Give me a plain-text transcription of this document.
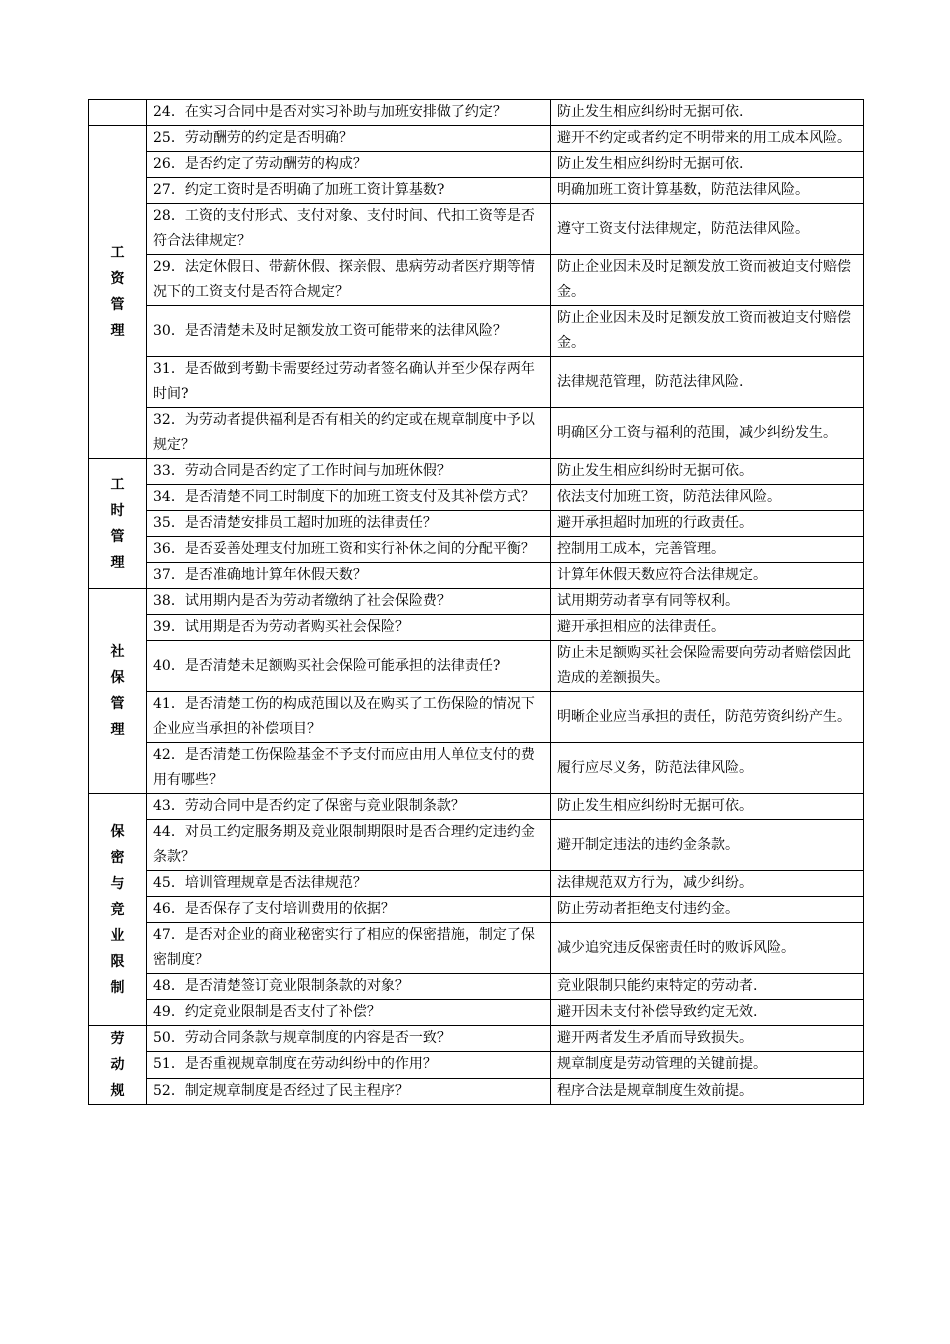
	24．在实习合同中是否对实习补助与加班安排做了约定？	防止发生相应纠纷时无据可依.
工资管理	25．劳动酬劳的约定是否明确？	避开不约定或者约定不明带来的用工成本风险。
	26．是否约定了劳动酬劳的构成？	防止发生相应纠纷时无据可依.
	27．约定工资时是否明确了加班工资计算基数?	明确加班工资计算基数，防范法律风险。
	28．工资的支付形式、支付对象、支付时间、代扣工资等是否符合法律规定？	遵守工资支付法律规定，防范法律风险。
	29．法定休假日、带薪休假、探亲假、患病劳动者医疗期等情况下的工资支付是否符合规定？	防止企业因未及时足额发放工资而被迫支付赔偿金。
	30．是否清楚未及时足额发放工资可能带来的法律风险？	防止企业因未及时足额发放工资而被迫支付赔偿金。
	31．是否做到考勤卡需要经过劳动者签名确认并至少保存两年时间?	法律规范管理，防范法律风险.
	32．为劳动者提供福利是否有相关的约定或在规章制度中予以规定？	明确区分工资与福利的范围，减少纠纷发生。
工时管理	33．劳动合同是否约定了工作时间与加班休假？	防止发生相应纠纷时无据可依。
	34．是否清楚不同工时制度下的加班工资支付及其补偿方式？	依法支付加班工资，防范法律风险。
	35．是否清楚安排员工超时加班的法律责任？	避开承担超时加班的行政责任。
	36．是否妥善处理支付加班工资和实行补休之间的分配平衡？	控制用工成本，完善管理。
	37．是否准确地计算年休假天数？	计算年休假天数应符合法律规定。
社保管理	38．试用期内是否为劳动者缴纳了社会保险费？	试用期劳动者享有同等权利。
	39．试用期是否为劳动者购买社会保险？	避开承担相应的法律责任。
	40．是否清楚未足额购买社会保险可能承担的法律责任?	防止未足额购买社会保险需要向劳动者赔偿因此造成的差额损失。
	41．是否清楚工伤的构成范围以及在购买了工伤保险的情况下企业应当承担的补偿项目？	明晰企业应当承担的责任，防范劳资纠纷产生。
	42．是否清楚工伤保险基金不予支付而应由用人单位支付的费用有哪些？	履行应尽义务，防范法律风险。
保密与竞业限制	43．劳动合同中是否约定了保密与竞业限制条款？	防止发生相应纠纷时无据可依。
	44．对员工约定服务期及竞业限制期限时是否合理约定违约金条款？	避开制定违法的违约金条款。
	45．培训管理规章是否法律规范？	法律规范双方行为，减少纠纷。
	46．是否保存了支付培训费用的依据？	防止劳动者拒绝支付违约金。
	47．是否对企业的商业秘密实行了相应的保密措施，制定了保密制度？	减少追究违反保密责任时的败诉风险。
	48．是否清楚签订竞业限制条款的对象？	竞业限制只能约束特定的劳动者.
	49．约定竞业限制是否支付了补偿？	避开因未支付补偿导致约定无效.
劳动规	50．劳动合同条款与规章制度的内容是否一致？	避开两者发生矛盾而导致损失。
	51．是否重视规章制度在劳动纠纷中的作用？	规章制度是劳动管理的关键前提。
	52．制定规章制度是否经过了民主程序？	程序合法是规章制度生效前提。
